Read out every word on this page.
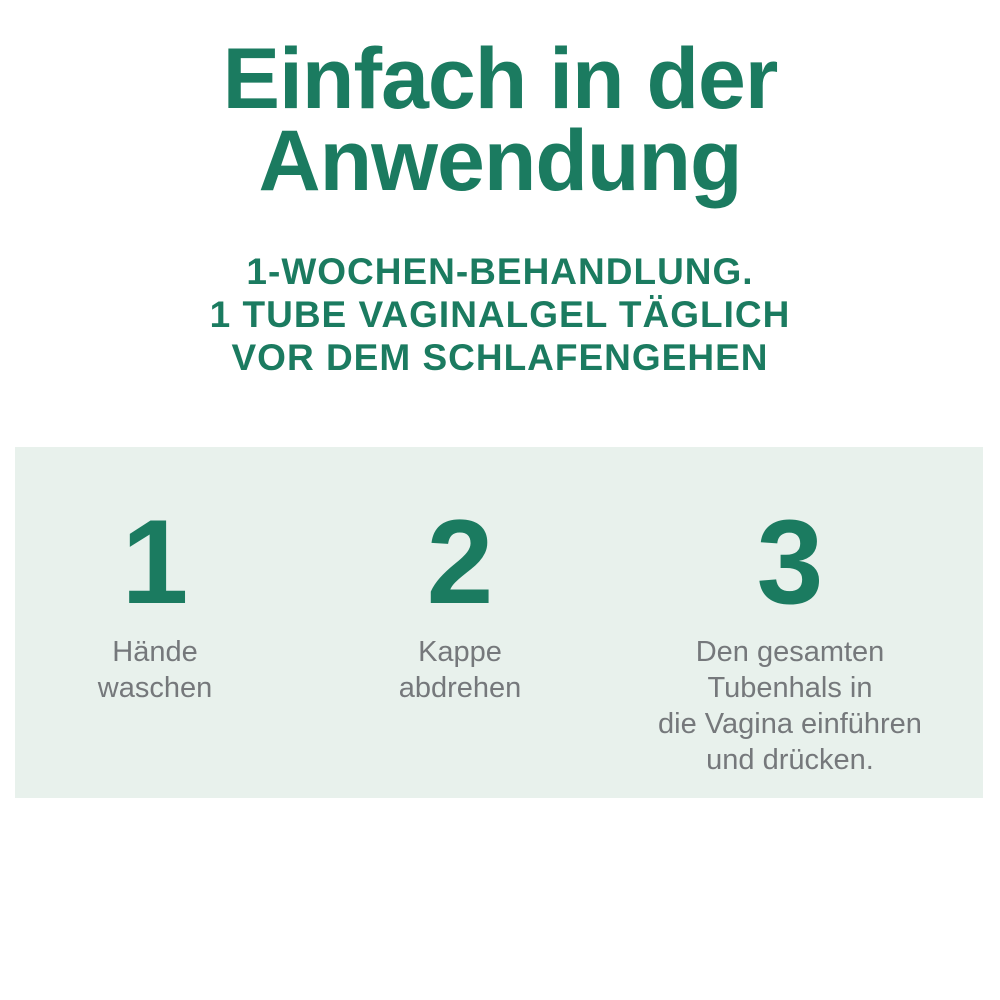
Einfach in der
Anwendung
1-WOCHEN-BEHANDLUNG.
1 TUBE VAGINALGEL TÄGLICH
VOR DEM SCHLAFENGEHEN
1
Hände
waschen
2
Kappe
abdrehen
3
Den gesamten
Tubenhals in
die Vagina einführen
und drücken.
